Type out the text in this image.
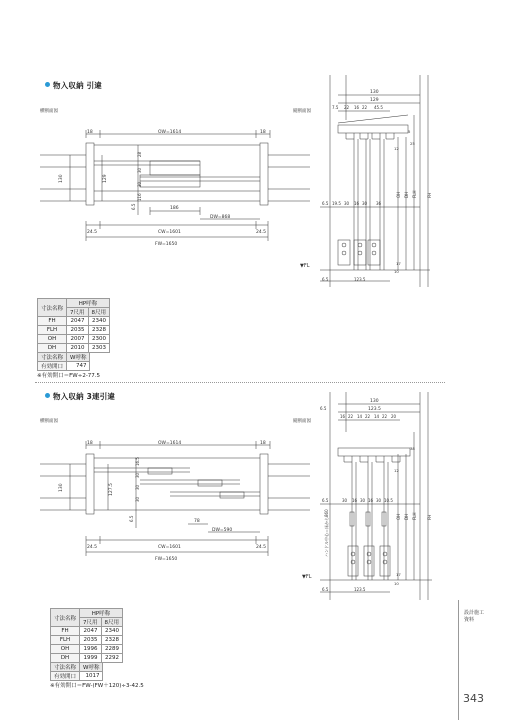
物入収納 引違
横断面図	縦断面図
18	18
OW=1614
130	129
28
30
30
116
6.5	186
DW=868
24.5	24.5
CW=1601
FW=1650
130
129
7.5 22 16 22 45.5
6.5 19.5 30 16 30 36
OH DH FLH	FH
5
25
12
17
10
▼FL
6.5	123.5
寸法名称	HP呼称	
	7尺用	8尺用
FH	2047	2340
FLH	2035	2328
OH	2007	2300
DH	2010	2303
寸法名称	W呼称
有効開口	747
※有効開口＝FW÷2-77.5
物入収納 3連引違
横断面図	縦断面図
18	18
OW=1614
130	127.5
16.5
30
30
30
6.5	78
DW=590
24.5	24.5
CW=1601
FW=1650
130
123.5
6.5
16 22 14 22 14 22 20
6.5	30 16 30 16 30 10.5
OH DH FLH	FH
38
12
17
10
ハンドル中心＝床から860
▼FL
6.5	123.5
寸法名称	HP呼称	
	7尺用	8尺用
FH	2047	2340
FLH	2035	2328
OH	1996	2289
DH	1999	2292
寸法名称	W呼称
有効開口	1017
※有効開口＝FW-(FW＋120)÷3-42.5
設計施工
資料
343
